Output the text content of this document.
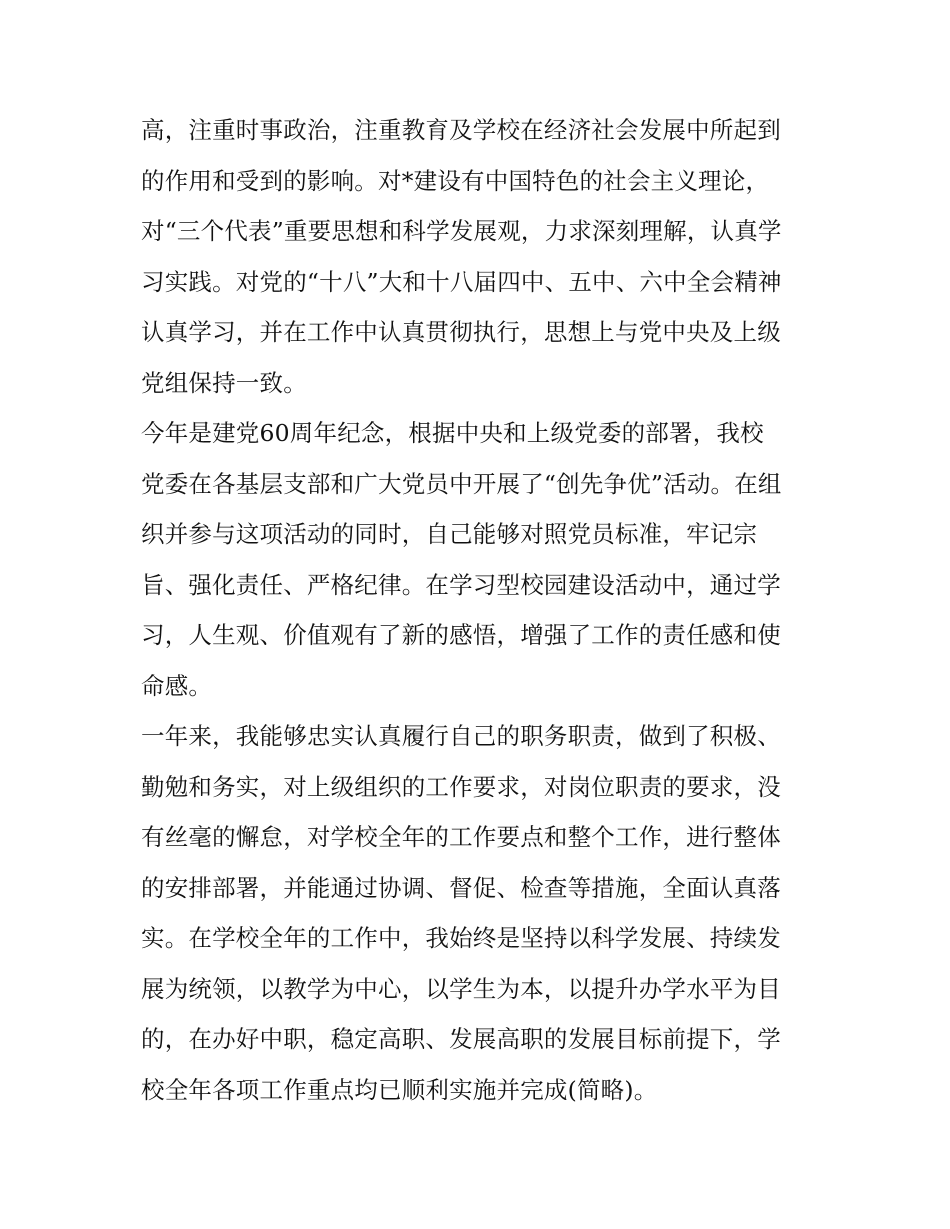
高，注重时事政治，注重教育及学校在经济社会发展中所起到
的作用和受到的影响。对*建设有中国特色的社会主义理论，
对“三个代表”重要思想和科学发展观，力求深刻理解，认真学
习实践。对党的“十八”大和十八届四中、五中、六中全会精神
认真学习，并在工作中认真贯彻执行，思想上与党中央及上级
党组保持一致。
今年是建党60周年纪念，根据中央和上级党委的部署，我校
党委在各基层支部和广大党员中开展了“创先争优”活动。在组
织并参与这项活动的同时，自己能够对照党员标准，牢记宗
旨、强化责任、严格纪律。在学习型校园建设活动中，通过学
习，人生观、价值观有了新的感悟，增强了工作的责任感和使
命感。
一年来，我能够忠实认真履行自己的职务职责，做到了积极、
勤勉和务实，对上级组织的工作要求，对岗位职责的要求，没
有丝毫的懈怠，对学校全年的工作要点和整个工作，进行整体
的安排部署，并能通过协调、督促、检查等措施，全面认真落
实。在学校全年的工作中，我始终是坚持以科学发展、持续发
展为统领，以教学为中心，以学生为本，以提升办学水平为目
的，在办好中职，稳定高职、发展高职的发展目标前提下，学
校全年各项工作重点均已顺利实施并完成(简略)。
